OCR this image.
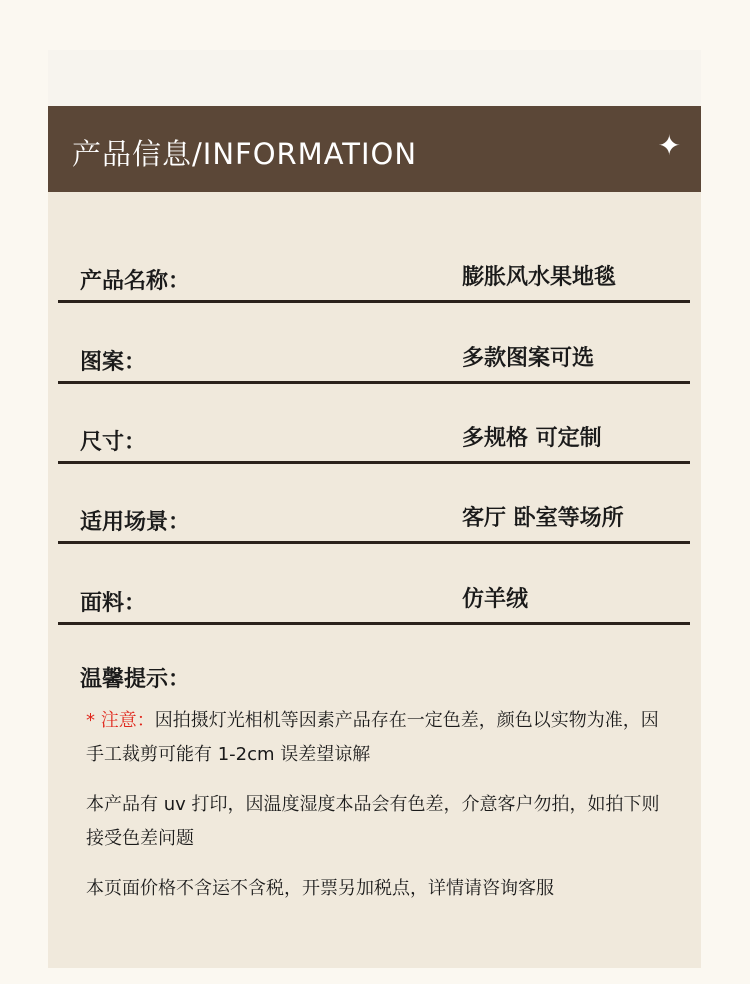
产品信息/INFORMATION	✦
产品名称：	膨胀风水果地毯
图案：	多款图案可选
尺寸：	多规格 可定制
适用场景：	客厅 卧室等场所
面料：	仿羊绒
温馨提示：
* 注意：因拍摄灯光相机等因素产品存在一定色差，颜色以实物为准，因手工裁剪可能有 1-2cm 误差望谅解
本产品有 uv 打印，因温度湿度本品会有色差，介意客户勿拍，如拍下则接受色差问题
本页面价格不含运不含税，开票另加税点，详情请咨询客服
